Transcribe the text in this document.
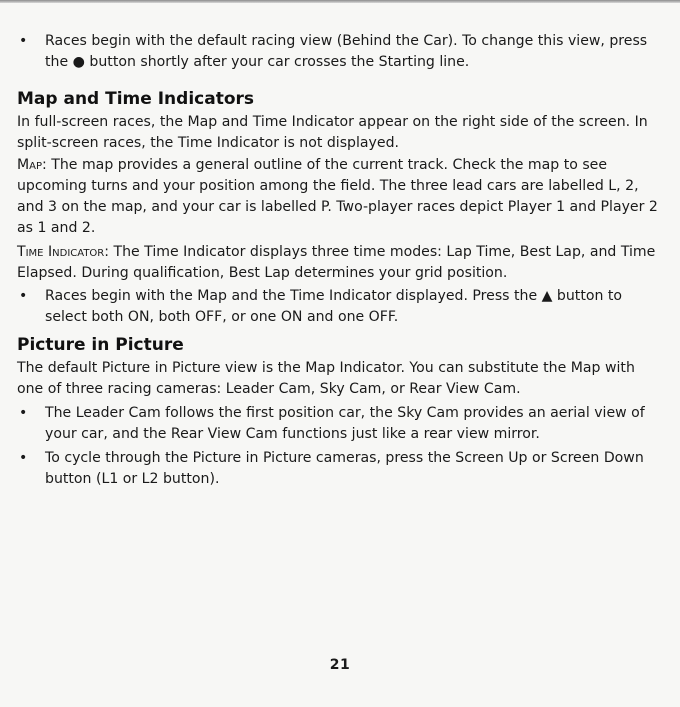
•	Races begin with the default racing view (Behind the Car). To change this view, press the ● button shortly after your car crosses the Starting line.

Map and Time Indicators

In full-screen races, the Map and Time Indicator appear on the right side of the screen. In split-screen races, the Time Indicator is not displayed.

Map: The map provides a general outline of the current track. Check the map to see upcoming turns and your position among the field. The three lead cars are labelled L, 2, and 3 on the map, and your car is labelled P. Two-player races depict Player 1 and Player 2 as 1 and 2.

Time Indicator: The Time Indicator displays three time modes: Lap Time, Best Lap, and Time Elapsed. During qualification, Best Lap determines your grid position.

•	Races begin with the Map and the Time Indicator displayed. Press the ▲ button to select both ON, both OFF, or one ON and one OFF.

Picture in Picture

The default Picture in Picture view is the Map Indicator. You can substitute the Map with one of three racing cameras: Leader Cam, Sky Cam, or Rear View Cam.

•	The Leader Cam follows the first position car, the Sky Cam provides an aerial view of your car, and the Rear View Cam functions just like a rear view mirror.

•	To cycle through the Picture in Picture cameras, press the Screen Up or Screen Down button (L1 or L2 button).

21
